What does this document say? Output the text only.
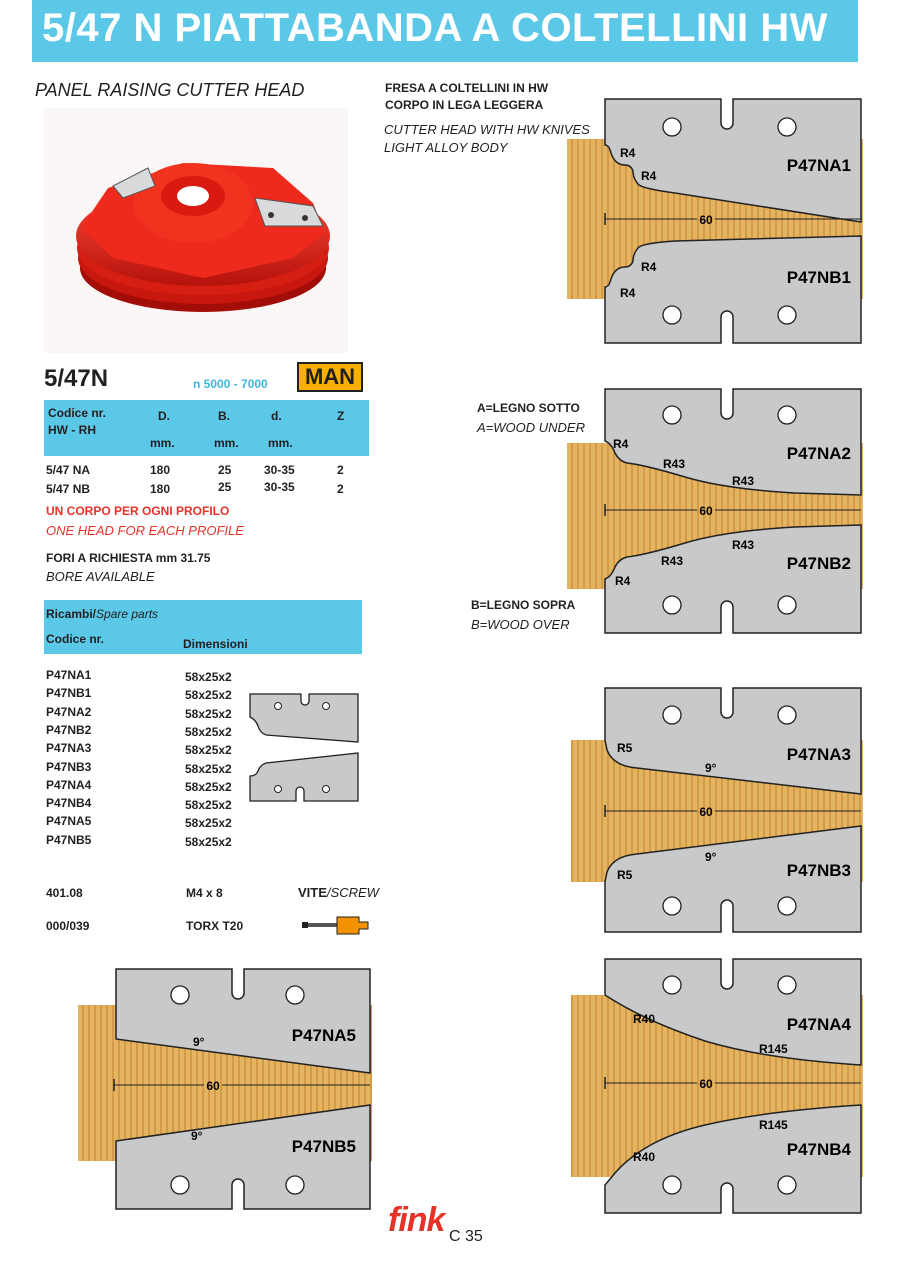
5/47 N PIATTABANDA A COLTELLINI HW
PANEL RAISING CUTTER HEAD
5/47N	n 5000 - 7000	MAN
Codice nr.
HW - RH
D.	B.	d.	Z
mm.	mm. mm.
5/47 NA	180	25	30-35	2
5/47 NB	180	25	30-35	2
UN CORPO PER OGNI PROFILO
ONE HEAD FOR EACH PROFILE
FORI A RICHIESTA mm 31.75
BORE AVAILABLE
Ricambi/Spare parts
Codice nr.	Dimensioni
P47NA1	58x25x2
P47NB1	58x25x2
P47NA2	58x25x2
P47NB2	58x25x2
P47NA3	58x25x2
P47NB3	58x25x2
P47NA4	58x25x2
P47NB4	58x25x2
P47NA5	58x25x2
P47NB5	58x25x2
401.08	M4 x 8	VITE/SCREW
000/039	TORX T20
FRESA A COLTELLINI IN HW
CORPO IN LEGA LEGGERA
CUTTER HEAD WITH HW KNIVES
LIGHT ALLOY BODY
A=LEGNO SOTTO
A=WOOD UNDER
B=LEGNO SOPRA
B=WOOD OVER
60
R4
R4
R4
R4
P47NA1
P47NB1
60
R4
R43
R43
R43
R43
R4
P47NA2
P47NB2
60
R5
9°
9°
R5
P47NA3
P47NB3
60
R40
R145
R145
R40
P47NA4
P47NB4
60
9°
9°
P47NA5
P47NB5
fink C 35
